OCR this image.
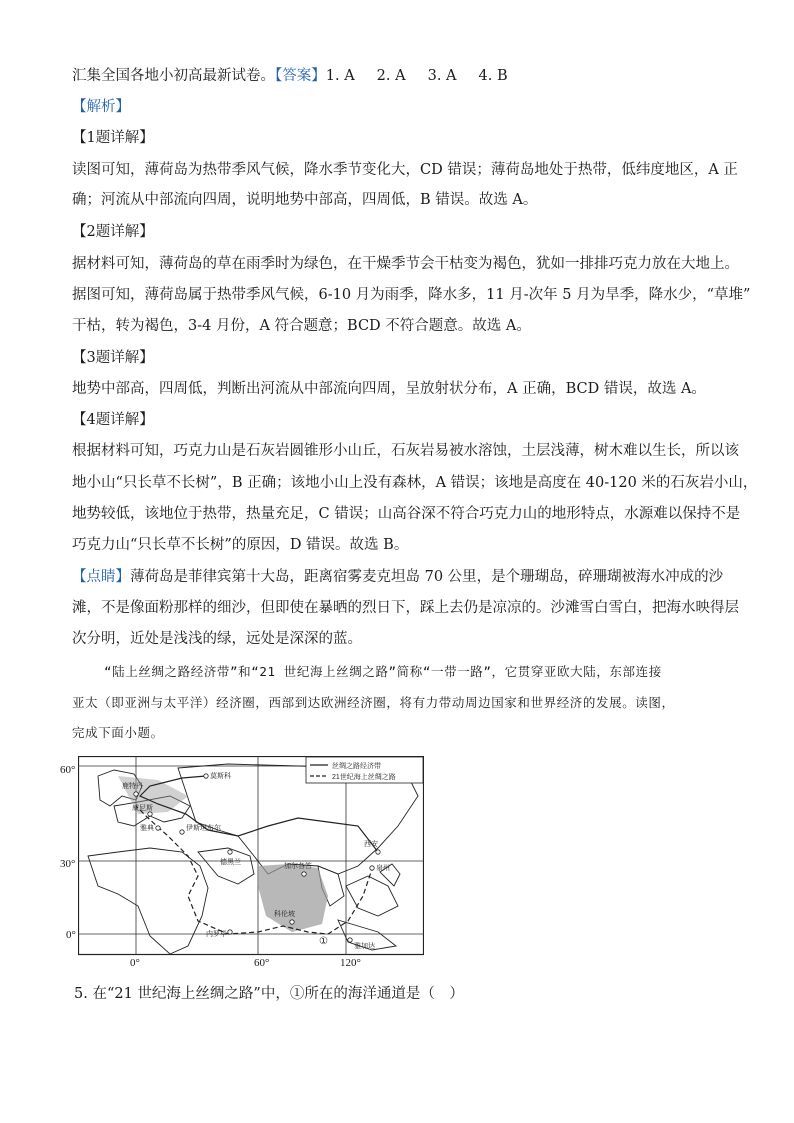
汇集全国各地小初高最新试卷。【答案】1. A 2. A 3. A 4. B
【解析】
【1题详解】
读图可知，薄荷岛为热带季风气候，降水季节变化大，CD 错误；薄荷岛地处于热带，低纬度地区，A 正
确；河流从中部流向四周，说明地势中部高，四周低，B 错误。故选 A。
【2题详解】
据材料可知，薄荷岛的草在雨季时为绿色，在干燥季节会干枯变为褐色，犹如一排排巧克力放在大地上。
据图可知，薄荷岛属于热带季风气候，6-10 月为雨季，降水多，11 月-次年 5 月为旱季，降水少，“草堆”
干枯，转为褐色，3-4 月份，A 符合题意；BCD 不符合题意。故选 A。
【3题详解】
地势中部高，四周低，判断出河流从中部流向四周，呈放射状分布，A 正确，BCD 错误，故选 A。
【4题详解】
根据材料可知，巧克力山是石灰岩圆锥形小山丘，石灰岩易被水溶蚀，土层浅薄，树木难以生长，所以该
地小山“只长草不长树”，B 正确；该地小山上没有森林，A 错误；该地是高度在 40-120 米的石灰岩小山，
地势较低，该地位于热带，热量充足，C 错误；山高谷深不符合巧克力山的地形特点，水源难以保持不是
巧克力山“只长草不长树”的原因，D 错误。故选 B。
【点睛】薄荷岛是菲律宾第十大岛，距离宿雾麦克坦岛 70 公里，是个珊瑚岛，碎珊瑚被海水冲成的沙
滩，不是像面粉那样的细沙，但即使在暴晒的烈日下，踩上去仍是凉凉的。沙滩雪白雪白，把海水映得层
次分明，近处是浅浅的绿，远处是深深的蓝。
“陆上丝绸之路经济带”和“21 世纪海上丝绸之路”简称“一带一路”，它贯穿亚欧大陆，东部连接
亚太（即亚洲与太平洋）经济圈，西部到达欧洲经济圈，将有力带动周边国家和世界经济的发展。读图，
完成下面小题。
60°
30°
0°
0°	60°	120°
莫斯科
鹿特丹
威尼斯
雅典	伊斯坦布尔
德黑兰
西安
加尔各答	泉州
内罗毕
科伦坡
雅加达
①
丝绸之路经济带
21世纪海上丝绸之路
5. 在“21 世纪海上丝绸之路”中，①所在的海洋通道是（　）
